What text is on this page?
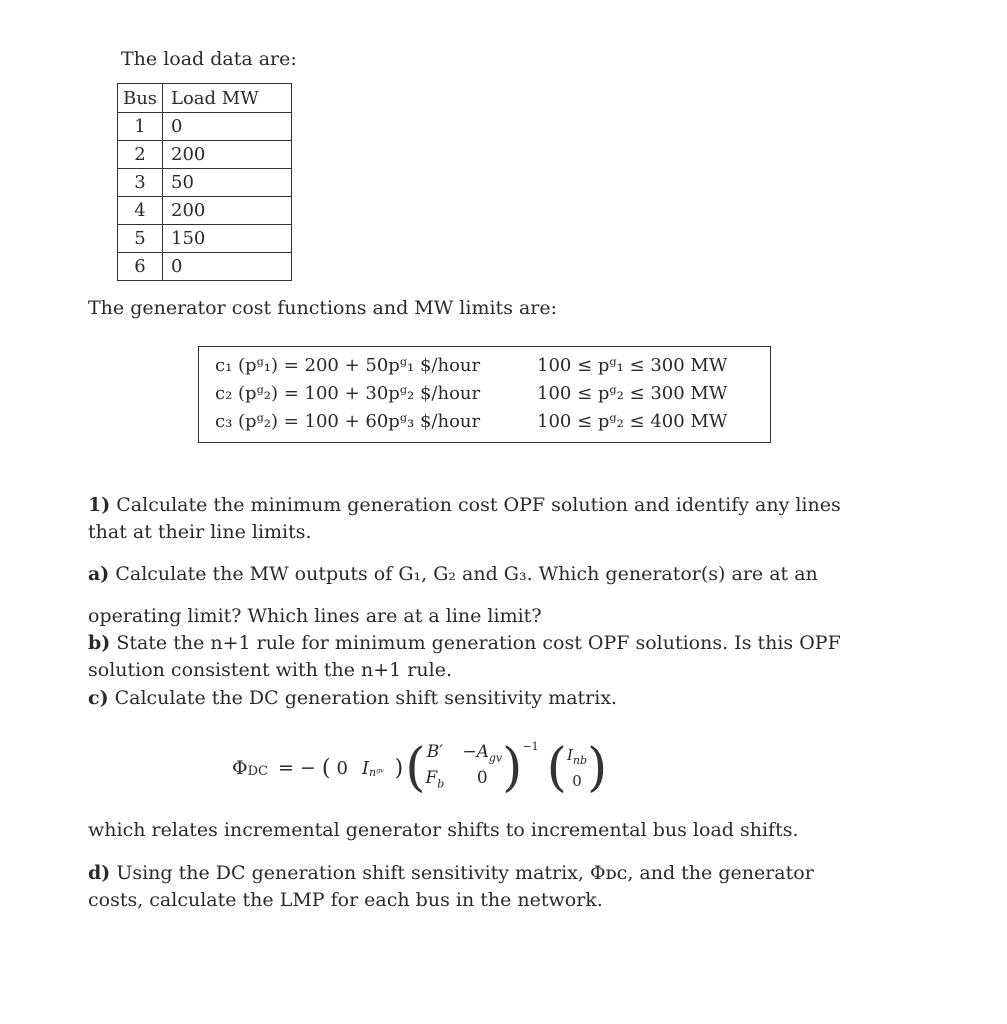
The load data are:
Bus	Load MW
1	0
2	200
3	50
4	200
5	150
6	0
The generator cost functions and MW limits are:
c₁ (pᵍ₁) = 200 + 50pᵍ₁ $/hour	100 ≤ pᵍ₁ ≤ 300 MW
c₂ (pᵍ₂) = 100 + 30pᵍ₂ $/hour	100 ≤ pᵍ₂ ≤ 300 MW
c₃ (pᵍ₂) = 100 + 60pᵍ₃ $/hour	100 ≤ pᵍ₂ ≤ 400 MW
1) Calculate the minimum generation cost OPF solution and identify any lines
that at their line limits.
a) Calculate the MW outputs of G₁, G₂ and G₃. Which generator(s) are at an
operating limit? Which lines are at a line limit?
b) State the n+1 rule for minimum generation cost OPF solutions. Is this OPF
solution consistent with the n+1 rule.
c) Calculate the DC generation shift sensitivity matrix.
Φ DC = − ( 0 $I_{nᵍᵛ}$ ) ( $B' -A_{gv}$
$F_b$	0 )$^{-1}$ ( $I_{nb}$
0 )
which relates incremental generator shifts to incremental bus load shifts.
d) Using the DC generation shift sensitivity matrix, Φᴅᴄ, and the generator
costs, calculate the LMP for each bus in the network.
